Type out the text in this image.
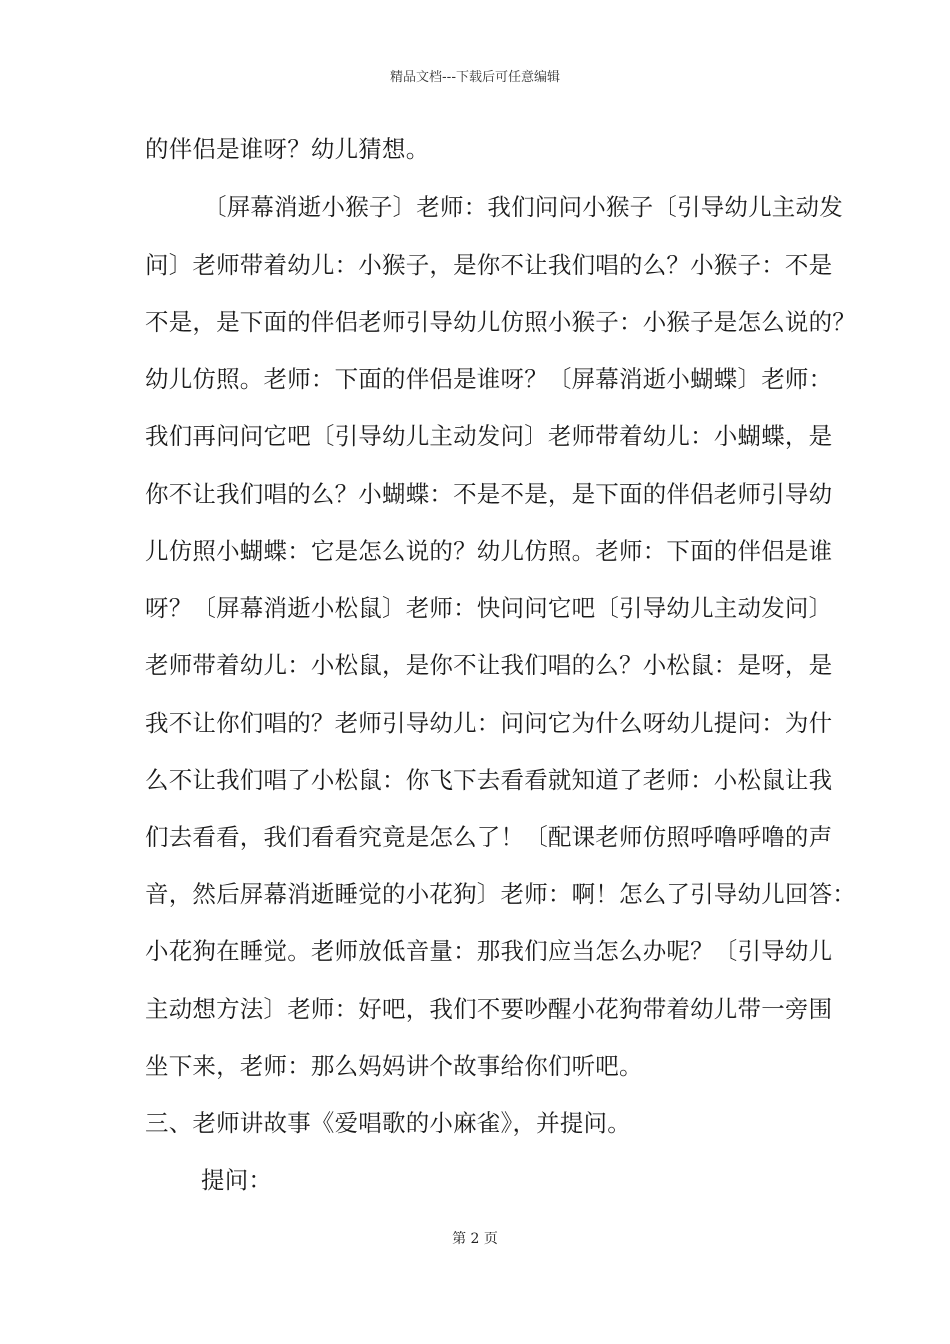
精品文档---下载后可任意编辑
的伴侣是谁呀？幼儿猜想。
〔屏幕消逝小猴子〕老师：我们问问小猴子〔引导幼儿主动发
问〕老师带着幼儿：小猴子，是你不让我们唱的么？小猴子：不是
不是，是下面的伴侣老师引导幼儿仿照小猴子：小猴子是怎么说的？
幼儿仿照。老师：下面的伴侣是谁呀？〔屏幕消逝小蝴蝶〕老师：
我们再问问它吧〔引导幼儿主动发问〕老师带着幼儿：小蝴蝶，是
你不让我们唱的么？小蝴蝶：不是不是，是下面的伴侣老师引导幼
儿仿照小蝴蝶：它是怎么说的？幼儿仿照。老师：下面的伴侣是谁
呀？〔屏幕消逝小松鼠〕老师：快问问它吧〔引导幼儿主动发问〕
老师带着幼儿：小松鼠，是你不让我们唱的么？小松鼠：是呀，是
我不让你们唱的？老师引导幼儿：问问它为什么呀幼儿提问：为什
么不让我们唱了小松鼠：你飞下去看看就知道了老师：小松鼠让我
们去看看，我们看看究竟是怎么了！〔配课老师仿照呼噜呼噜的声
音，然后屏幕消逝睡觉的小花狗〕老师：啊！怎么了引导幼儿回答：
小花狗在睡觉。老师放低音量：那我们应当怎么办呢？〔引导幼儿
主动想方法〕老师：好吧，我们不要吵醒小花狗带着幼儿带一旁围
坐下来，老师：那么妈妈讲个故事给你们听吧。
三、老师讲故事《爱唱歌的小麻雀》，并提问。
提问：
第 2 页
